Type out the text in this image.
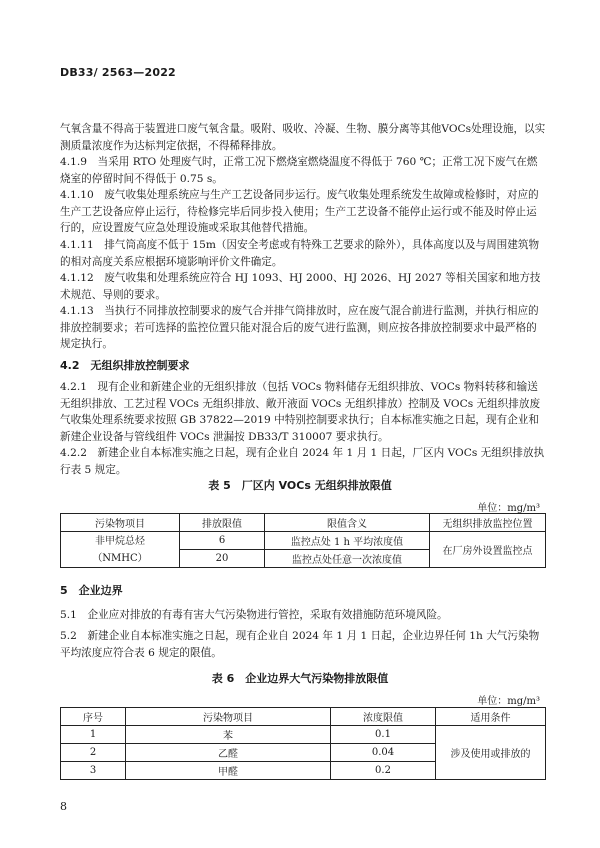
DB33/ 2563—2022

气氧含量不得高于装置进口废气氧含量。吸附、吸收、冷凝、生物、膜分离等其他VOCs处理设施，以实测质量浓度作为达标判定依据，不得稀释排放。

4.1.9　当采用 RTO 处理废气时，正常工况下燃烧室燃烧温度不得低于 760 ℃；正常工况下废气在燃烧室的停留时间不得低于 0.75 s。

4.1.10　废气收集处理系统应与生产工艺设备同步运行。废气收集处理系统发生故障或检修时，对应的生产工艺设备应停止运行，待检修完毕后同步投入使用；生产工艺设备不能停止运行或不能及时停止运行的，应设置废气应急处理设施或采取其他替代措施。

4.1.11　排气筒高度不低于 15m（因安全考虑或有特殊工艺要求的除外），具体高度以及与周围建筑物的相对高度关系应根据环境影响评价文件确定。

4.1.12　废气收集和处理系统应符合 HJ 1093、HJ 2000、HJ 2026、HJ 2027 等相关国家和地方技术规范、导则的要求。

4.1.13　当执行不同排放控制要求的废气合并排气筒排放时，应在废气混合前进行监测，并执行相应的排放控制要求；若可选择的监控位置只能对混合后的废气进行监测，则应按各排放控制要求中最严格的规定执行。

4.2　无组织排放控制要求

4.2.1　现有企业和新建企业的无组织排放（包括 VOCs 物料储存无组织排放、VOCs 物料转移和输送无组织排放、工艺过程 VOCs 无组织排放、敞开液面 VOCs 无组织排放）控制及 VOCs 无组织排放废气收集处理系统要求按照 GB 37822—2019 中特别控制要求执行；自本标准实施之日起，现有企业和新建企业设备与管线组件 VOCs 泄漏按 DB33/T 310007 要求执行。

4.2.2　新建企业自本标准实施之日起，现有企业自 2024 年 1 月 1 日起，厂区内 VOCs 无组织排放执行表 5 规定。

表 5　厂区内 VOCs 无组织排放限值
单位：mg/m³
污染物项目	排放限值	限值含义	无组织排放监控位置

非甲烷总烃
（NMHC）	6	监控点处 1 h 平均浓度值	在厂房外设置监控点
	20	监控点处任意一次浓度值	
5　企业边界

5.1　企业应对排放的有毒有害大气污染物进行管控，采取有效措施防范环境风险。

5.2　新建企业自本标准实施之日起，现有企业自 2024 年 1 月 1 日起，企业边界任何 1h 大气污染物平均浓度应符合表 6 规定的限值。

表 6　企业边界大气污染物排放限值
单位：mg/m³
序号	污染物项目	浓度限值	适用条件
1	苯	0.1	涉及使用或排放的
2	乙醛	0.04	
3	甲醛	0.2	
8
